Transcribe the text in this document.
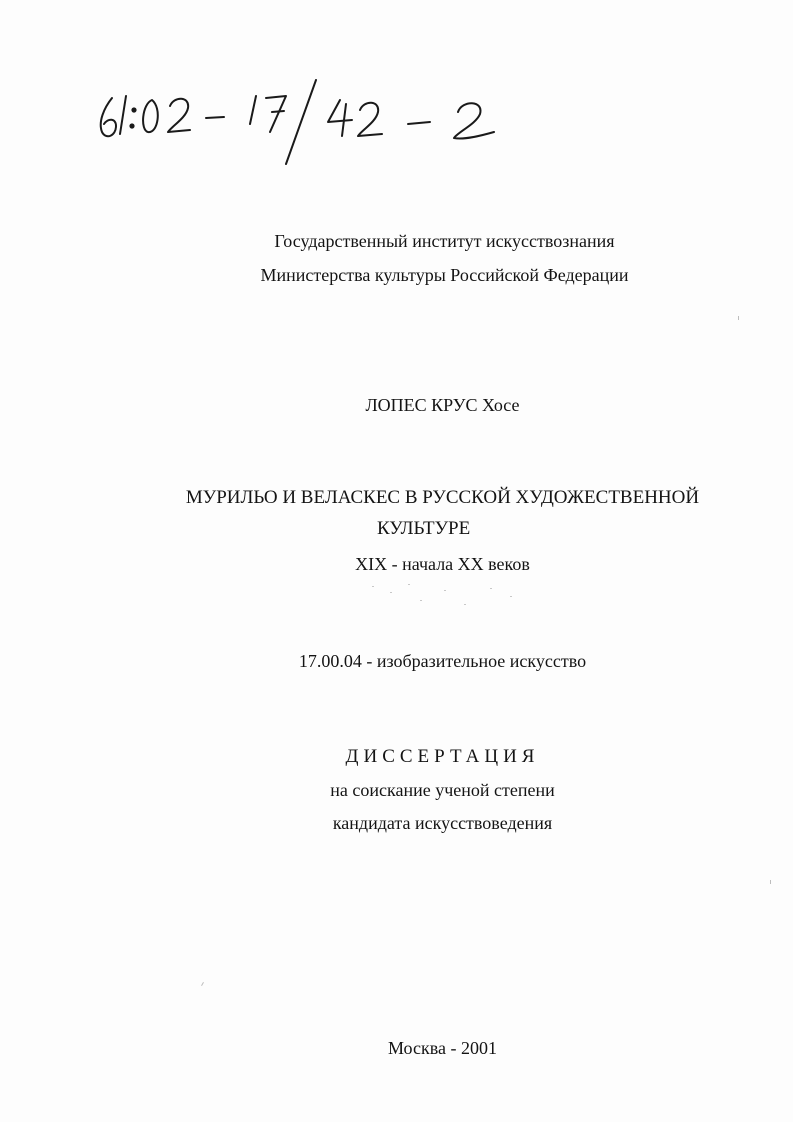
Государственный институт искусствознания
Министерства культуры Российской Федерации
ЛОПЕС КРУС Хосе
МУРИЛЬО И ВЕЛАСКЕС В РУССКОЙ ХУДОЖЕСТВЕННОЙ
КУЛЬТУРЕ
XIX - начала XX веков
17.00.04 - изобразительное искусство
ДИССЕРТАЦИЯ
на соискание ученой степени
кандидата искусствоведения
Москва - 2001
